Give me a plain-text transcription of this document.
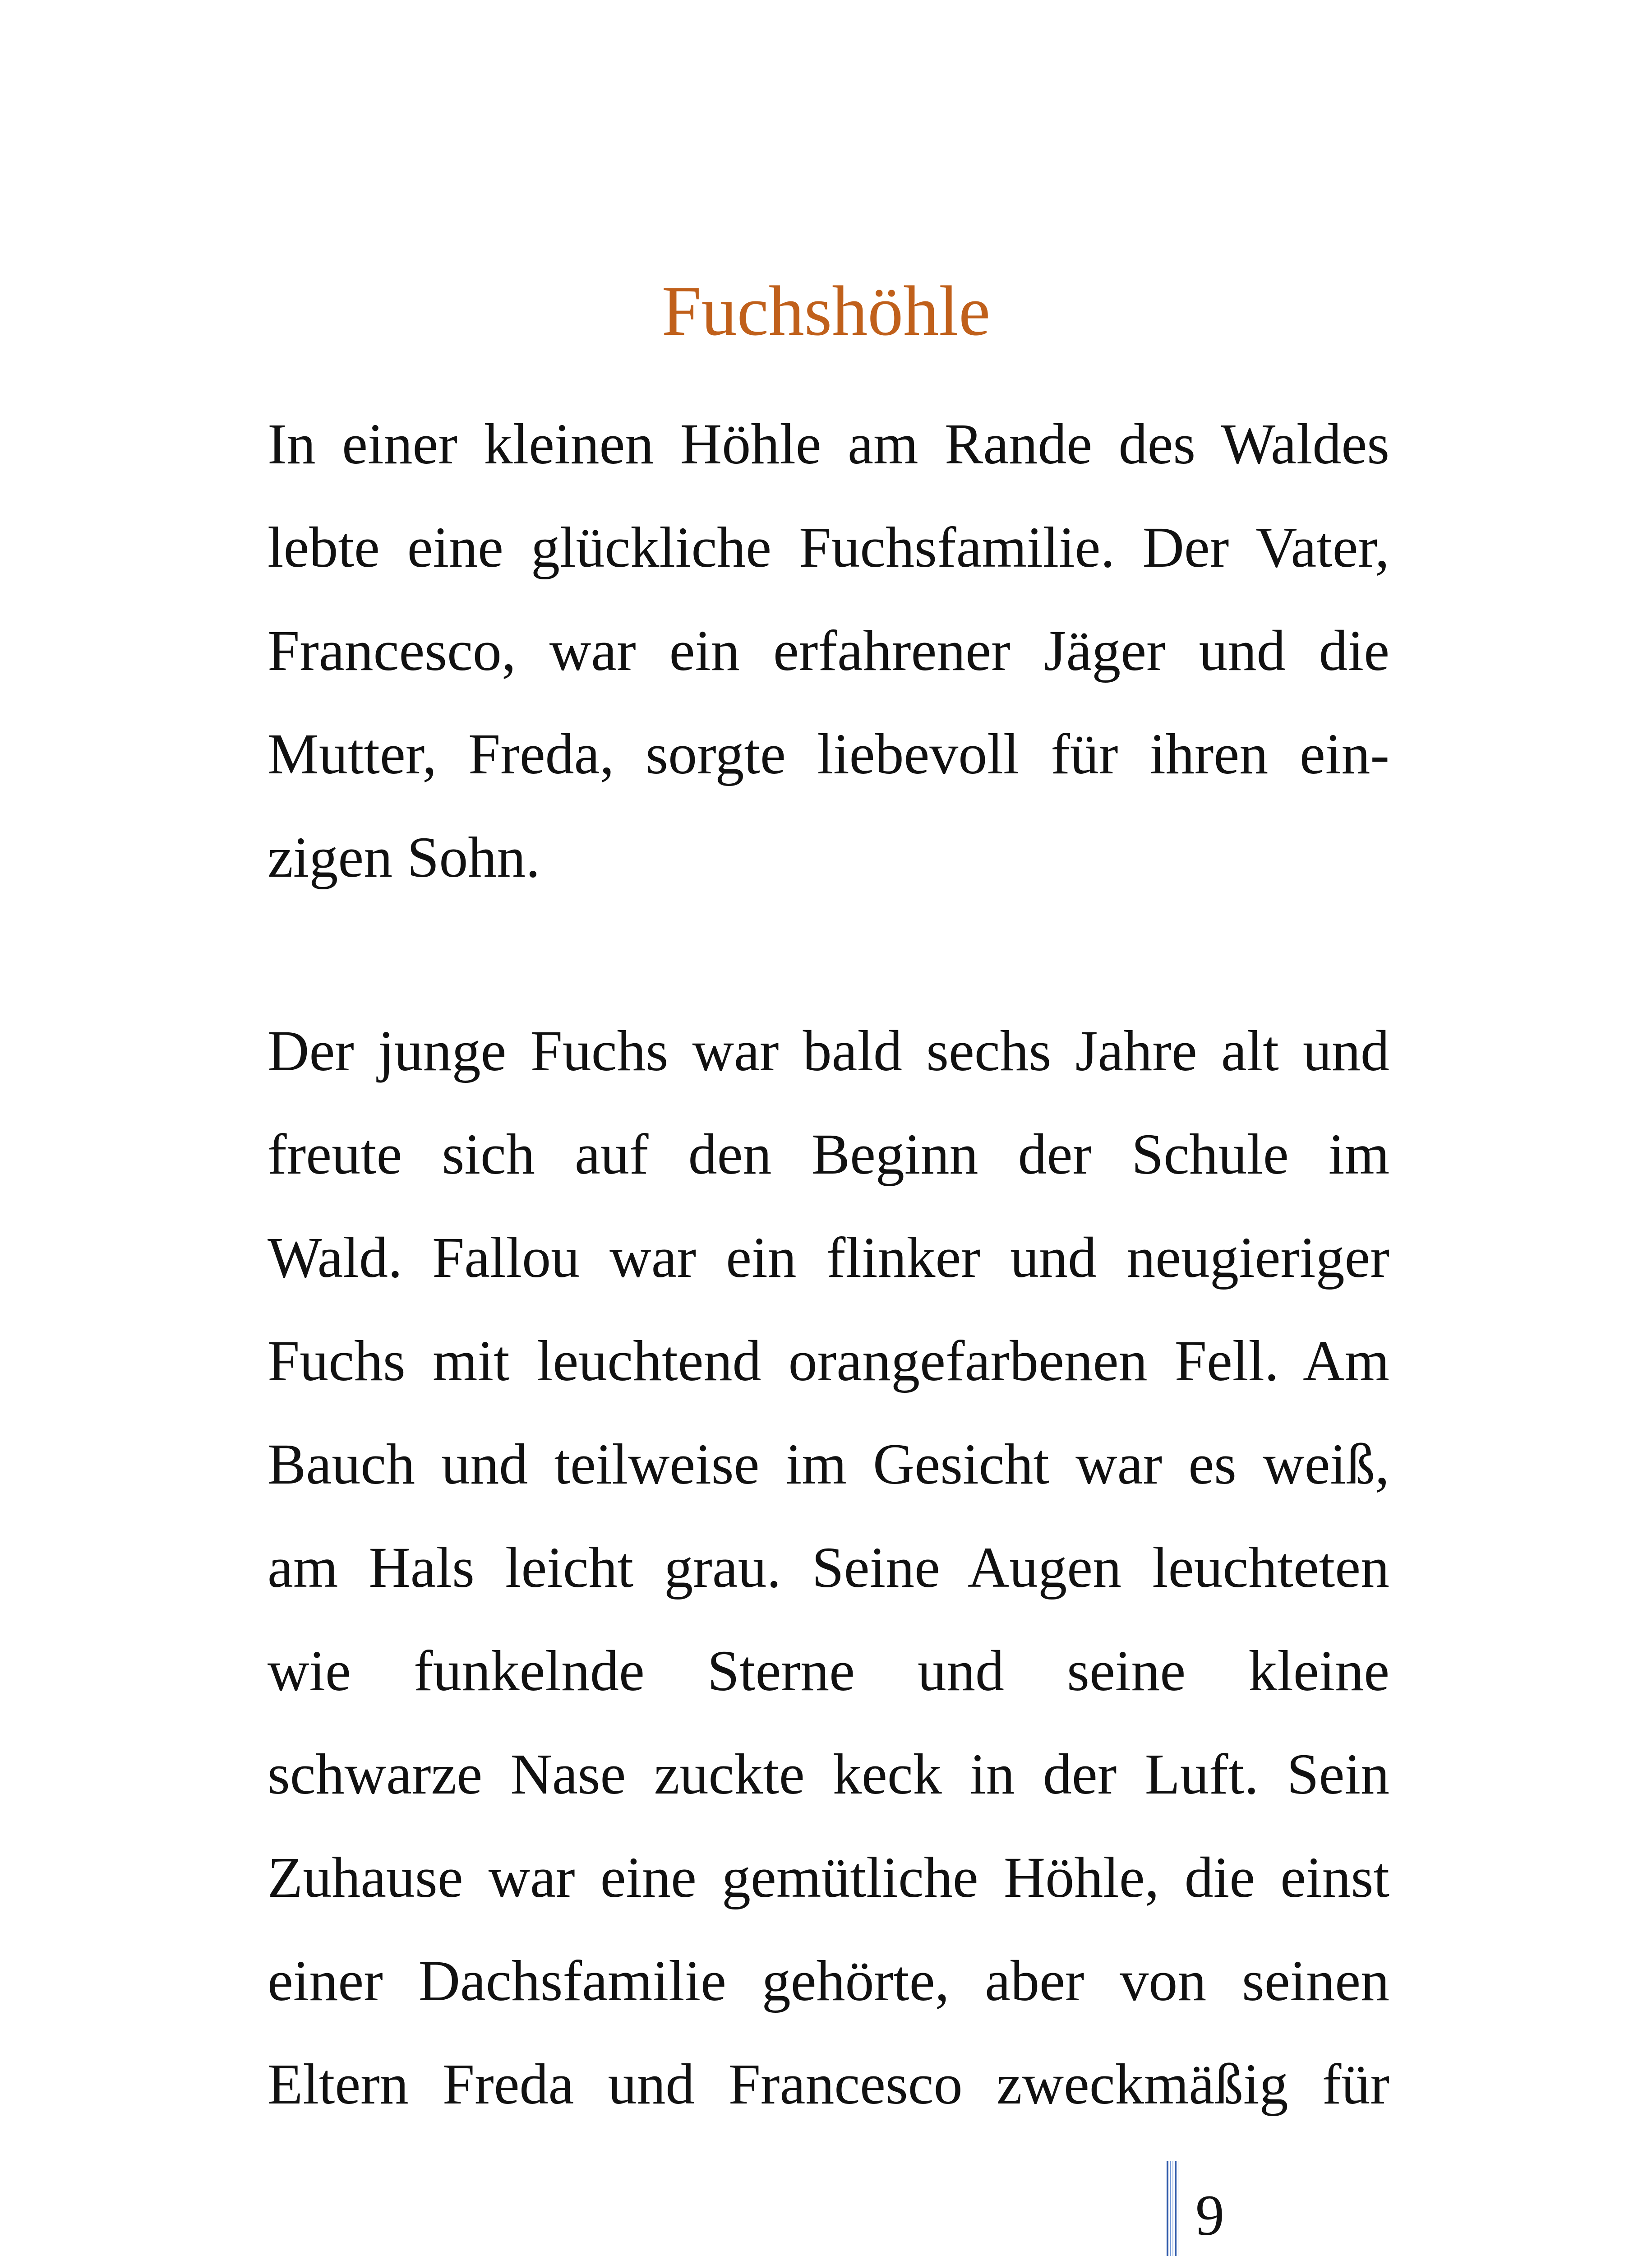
Fuchshöhle
In einer kleinen Höhle am Rande des Waldes
lebte eine glückliche Fuchsfamilie. Der Vater,
Francesco, war ein erfahrener Jäger und die
Mutter, Freda, sorgte liebevoll für ihren ein-
zigen Sohn.
Der junge Fuchs war bald sechs Jahre alt und
freute sich auf den Beginn der Schule im
Wald. Fallou war ein flinker und neugieriger
Fuchs mit leuchtend orangefarbenen Fell. Am
Bauch und teilweise im Gesicht war es weiß,
am Hals leicht grau. Seine Augen leuchteten
wie funkelnde Sterne und seine kleine
schwarze Nase zuckte keck in der Luft. Sein
Zuhause war eine gemütliche Höhle, die einst
einer Dachsfamilie gehörte, aber von seinen
Eltern Freda und Francesco zweckmäßig für
9
